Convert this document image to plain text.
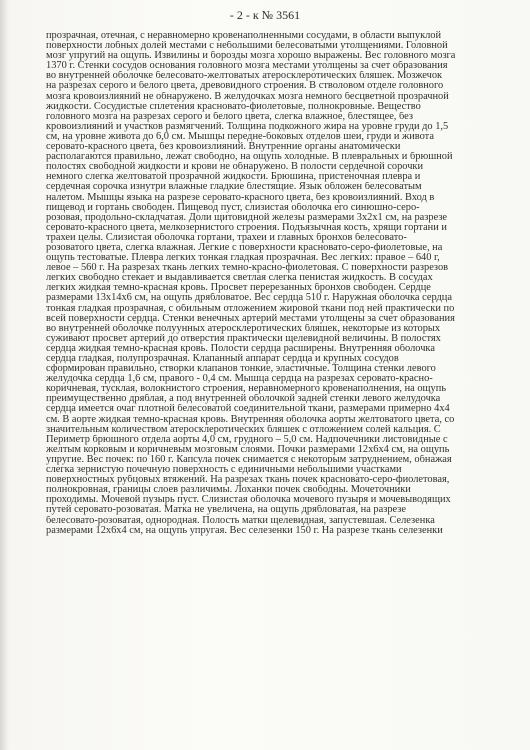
- 2 - к № 3561
прозрачная, отечная, с неравномерно кровенаполненными сосудами, в области выпуклой
поверхности лобных долей местами с небольшими белесоватыми утолщениями. Головной
мозг упругий на ощупь. Извилины и борозды мозга хорошо выражены. Вес головного мозга
1370 г. Стенки сосудов основания головного мозга местами утолщены за счет образования
во внутренней оболочке белесовато-желтоватых атеросклеротических бляшек. Мозжечок
на разрезах серого и белого цвета, древовидного строения. В стволовом отделе головного
мозга кровоизлияний не обнаружено. В желудочках мозга немного бесцветной прозрачной
жидкости. Сосудистые сплетения красновато-фиолетовые, полнокровные. Вещество
головного мозга на разрезах серого и белого цвета, слегка влажное, блестящее, без
кровоизлияний и участков размягчений. Толщина подкожного жира на уровне груди до 1,5
см, на уровне живота до 6,0 см. Мышцы передне-боковых отделов шеи, груди и живота
серовато-красного цвета, без кровоизлияний. Внутренние органы анатомически
располагаются правильно, лежат свободно, на ощупь холодные. В плевральных и брюшной
полостях свободной жидкости и крови не обнаружено. В полости сердечной сорочки
немного слегка желтоватой прозрачной жидкости. Брюшина, пристеночная плевра и
сердечная сорочка изнутри влажные гладкие блестящие. Язык обложен белесоватым
налетом. Мышцы языка на разрезе серовато-красного цвета, без кровоизлияний. Вход в
пищевод и гортань свободен. Пищевод пуст, слизистая оболочка его синюшно-серо-
розовая, продольно-складчатая. Доли щитовидной железы размерами 3х2х1 см, на разрезе
серовато-красного цвета, мелкозернистого строения. Подъязычная кость, хрящи гортани и
трахеи целы. Слизистая оболочка гортани, трахеи и главных бронхов белесовато-
розоватого цвета, слегка влажная. Легкие с поверхности красновато-серо-фиолетовые, на
ощупь тестоватые. Плевра легких тонкая гладкая прозрачная. Вес легких: правое – 640 г,
левое – 560 г. На разрезах ткань легких темно-красно-фиолетовая. С поверхности разрезов
легких свободно стекает и выдавливается светлая слегка пенистая жидкость. В сосудах
легких жидкая темно-красная кровь. Просвет перерезанных бронхов свободен. Сердце
размерами 13х14х6 см, на ощупь дрябловатое. Вес сердца 510 г. Наружная оболочка сердца
тонкая гладкая прозрачная, с обильным отложением жировой ткани под ней практически по
всей поверхности сердца. Стенки венечных артерий местами утолщены за счет образования
во внутренней оболочке полуунных атеросклеротических бляшек, некоторые из которых
суживают просвет артерий до отверстия практически щелевидной величины. В полостях
сердца жидкая темно-красная кровь. Полости сердца расширены. Внутренняя оболочка
сердца гладкая, полупрозрачная. Клапанный аппарат сердца и крупных сосудов
сформирован правильно, створки клапанов тонкие, эластичные. Толщина стенки левого
желудочка сердца 1,6 см, правого - 0,4 см. Мышца сердца на разрезах серовато-красно-
коричневая, тусклая, волокнистого строения, неравномерного кровенаполнения, на ощупь
преимущественно дряблая, а под внутренней оболочкой задней стенки левого желудочка
сердца имеется очаг плотной белесоватой соединительной ткани, размерами примерно 4х4
см. В аорте жидкая темно-красная кровь. Внутренняя оболочка аорты желтоватого цвета, со
значительным количеством атеросклеротических бляшек с отложением солей кальция. С
Периметр брюшного отдела аорты 4,0 см, грудного – 5,0 см. Надпочечники листовидные с
желтым корковым и коричневым мозговым слоями. Почки размерами 12х6х4 см, на ощупь
упругие. Вес почек: по 160 г. Капсула почек снимается с некоторым затруднением, обнажая
слегка зернистую почечную поверхность с единичными небольшими участками
поверхностных рубцовых втяжений. На разрезах ткань почек красновато-серо-фиолетовая,
полнокровная, границы слоев различимы. Лоханки почек свободны. Мочеточники
проходимы. Мочевой пузырь пуст. Слизистая оболочка мочевого пузыря и мочевыводящих
путей серовато-розоватая. Матка не увеличена, на ощупь дрябловатая, на разрезе
белесовато-розоватая, однородная. Полость матки щелевидная, запустевшая. Селезенка
размерами 12х6х4 см, на ощупь упругая. Вес селезенки 150 г. На разрезе ткань селезенки
